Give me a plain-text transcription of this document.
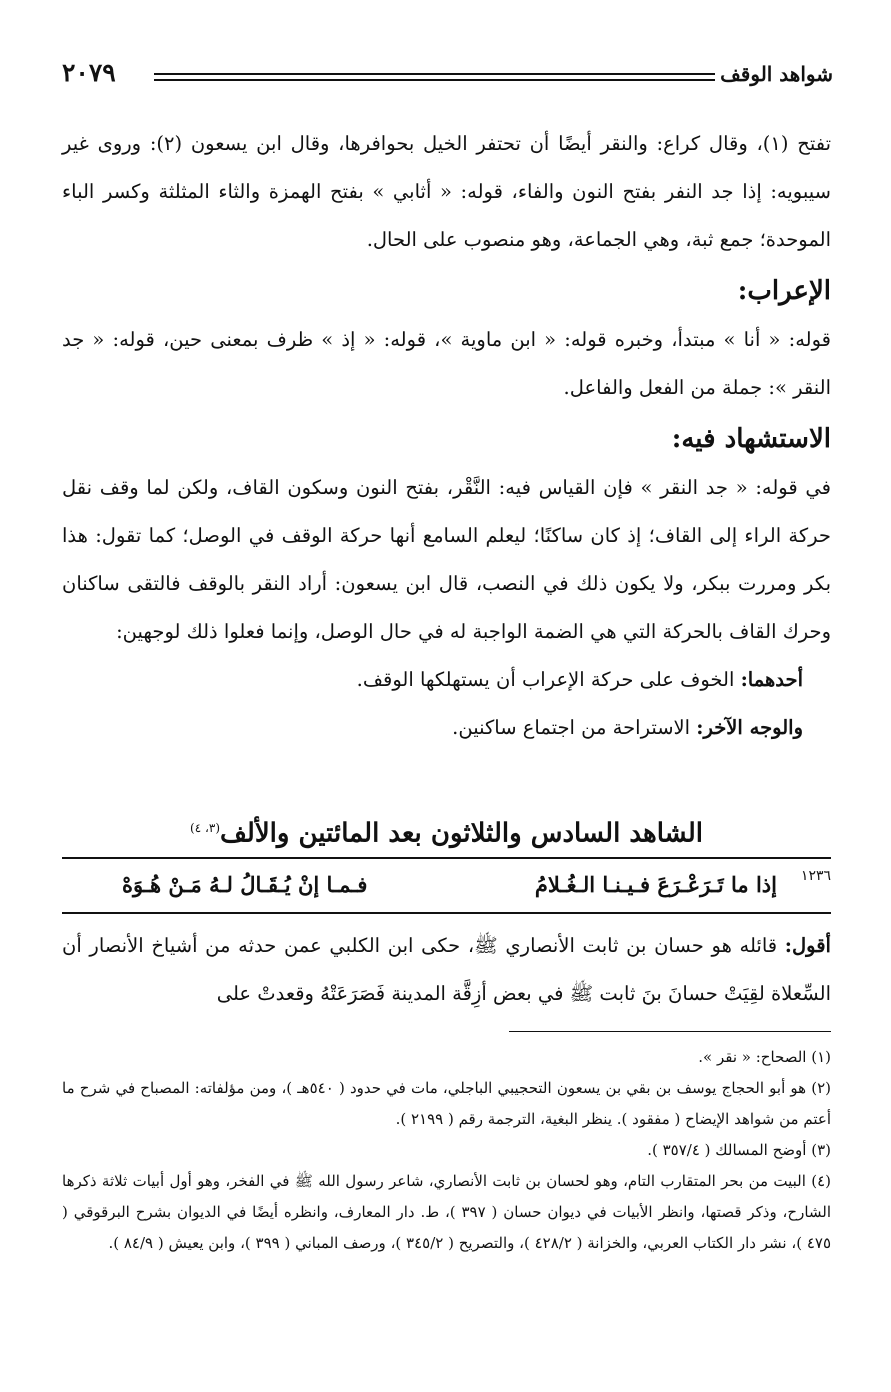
شواهد الوقف
٢٠٧٩

تفتح (١)، وقال كراع: والنقر أيضًا أن تحتفر الخيل بحوافرها، وقال ابن يسعون (٢): وروى غير سيبويه: إذا جد النفر بفتح النون والفاء، قوله: « أثابي » بفتح الهمزة والثاء المثلثة وكسر الباء الموحدة؛ جمع ثبة، وهي الجماعة، وهو منصوب على الحال.

الإعراب:

قوله: « أنا » مبتدأ، وخبره قوله: « ابن ماوية »، قوله: « إذ » ظرف بمعنى حين، قوله: « جد النقر »: جملة من الفعل والفاعل.

الاستشهاد فيه:

في قوله: « جد النقر » فإن القياس فيه: النَّقْر، بفتح النون وسكون القاف، ولكن لما وقف نقل حركة الراء إلى القاف؛ إذ كان ساكنًا؛ ليعلم السامع أنها حركة الوقف في الوصل؛ كما تقول: هذا بكر ومررت ببكر، ولا يكون ذلك في النصب، قال ابن يسعون: أراد النقر بالوقف فالتقى ساكنان وحرك القاف بالحركة التي هي الضمة الواجبة له في حال الوصل، وإنما فعلوا ذلك لوجهين:

أحدهما: الخوف على حركة الإعراب أن يستهلكها الوقف.
والوجه الآخر: الاستراحة من اجتماع ساكنين.
الشاهد السادس والثلاثون بعد المائتين والألف$^{(٣، ٤)}$
١٢٣٦
إذا ما تَـرَعْـرَعَ فـيـنـا الـغُـلامُ
فـمـا إنْ يُـقَـالُ لـهُ مَـنْ هُـوَهْ

أقول: قائله هو حسان بن ثابت الأنصاري ﷺ، حكى ابن الكلبي عمن حدثه من أشياخ الأنصار أن السِّعلاة لقِيَتْ حسانَ بنَ ثابت ﷺ في بعض أزِقَّة المدينة فَصَرَعَتْهُ وقعدتْ على

(١) الصحاح: « نقر ».

(٢) هو أبو الحجاج يوسف بن بقي بن يسعون التحجيبي الباجلي، مات في حدود ( ٥٤٠هـ )، ومن مؤلفاته: المصباح في شرح ما أعتم من شواهد الإيضاح ( مفقود ). ينظر البغية، الترجمة رقم ( ٢١٩٩ ).

(٣) أوضح المسالك ( ٣٥٧/٤ ).

(٤) البيت من بحر المتقارب التام، وهو لحسان بن ثابت الأنصاري، شاعر رسول الله ﷺ في الفخر، وهو أول أبيات ثلاثة ذكرها الشارح، وذكر قصتها، وانظر الأبيات في ديوان حسان ( ٣٩٧ )، ط. دار المعارف، وانظره أيضًا في الديوان بشرح البرقوقي ( ٤٧٥ )، نشر دار الكتاب العربي، والخزانة ( ٤٢٨/٢ )، والتصريح ( ٣٤٥/٢ )، ورصف المباني ( ٣٩٩ )، وابن يعيش ( ٨٤/٩ ).
